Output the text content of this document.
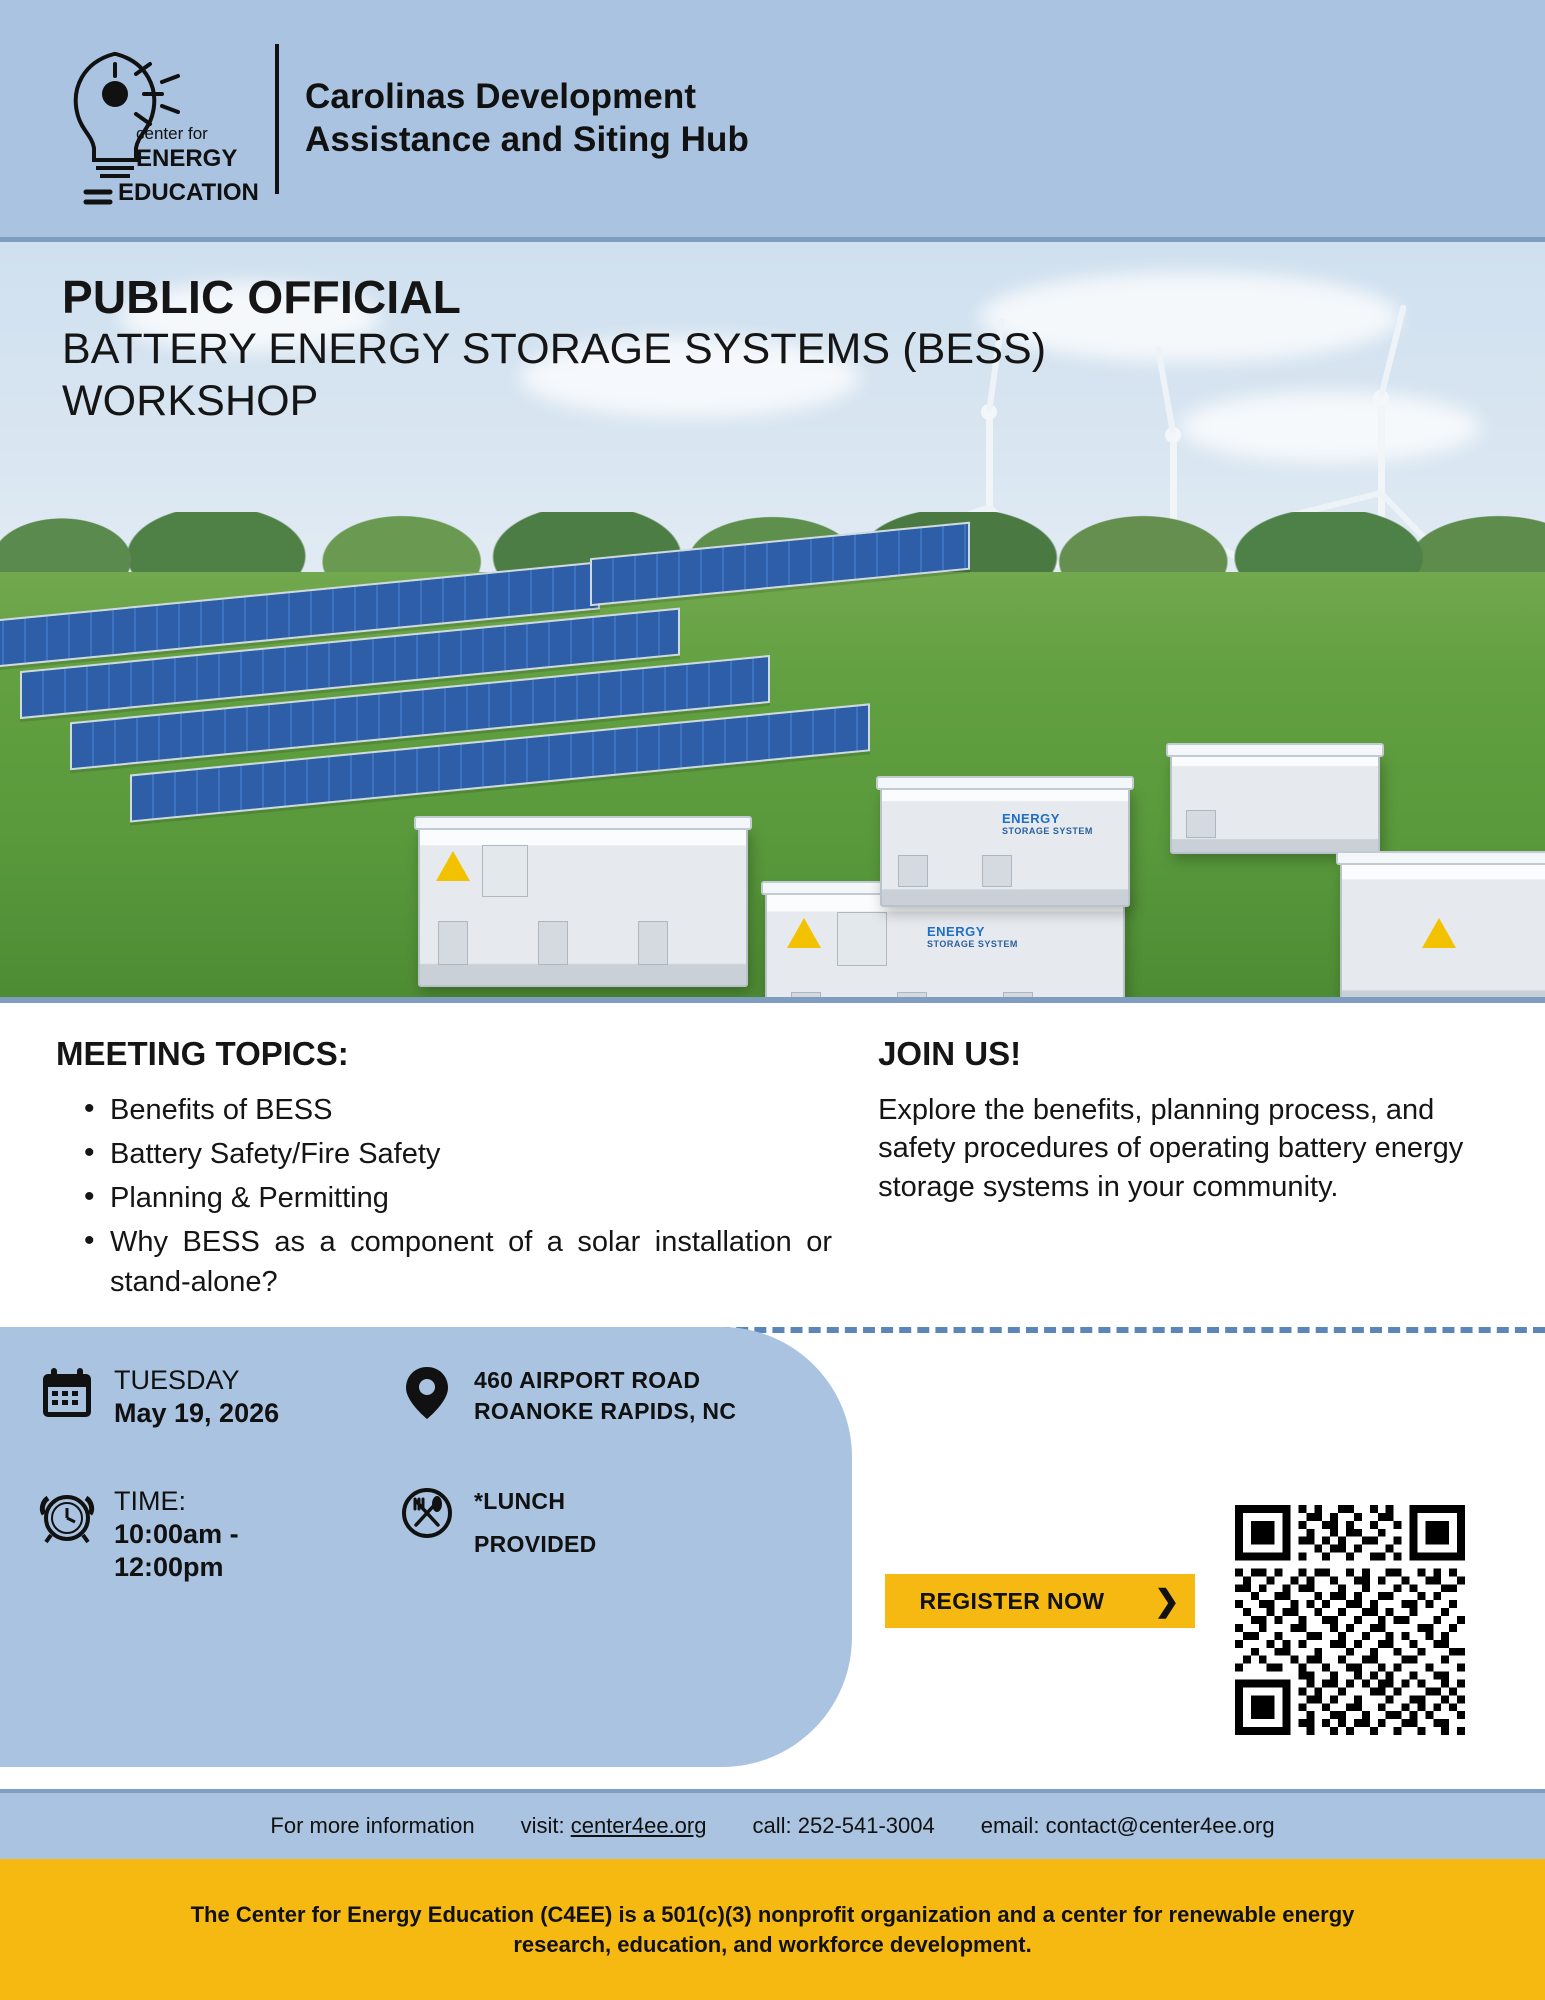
center for
ENERGY
EDUCATION
Carolinas Development
Assistance and Siting Hub
ENERGY
STORAGE SYSTEM
ENERGY
STORAGE SYSTEM
PUBLIC OFFICIAL
BATTERY ENERGY STORAGE SYSTEMS (BESS)
WORKSHOP
MEETING TOPICS:
• Benefits of BESS
• Battery Safety/Fire Safety
• Planning & Permitting
• Why BESS as a component of a solar installation or stand-alone?
JOIN US!
Explore the benefits, planning process, and safety procedures of operating battery energy storage systems in your community.
TUESDAY
May 19, 2026
460 AIRPORT ROAD
ROANOKE RAPIDS, NC
TIME:
10:00am -
12:00pm
*LUNCH
PROVIDED
REGISTER NOW	❯
For more information visit: center4ee.org call: 252-541-3004 email: contact@center4ee.org
The Center for Energy Education (C4EE) is a 501(c)(3) nonprofit organization and a center for renewable energy
research, education, and workforce development.
